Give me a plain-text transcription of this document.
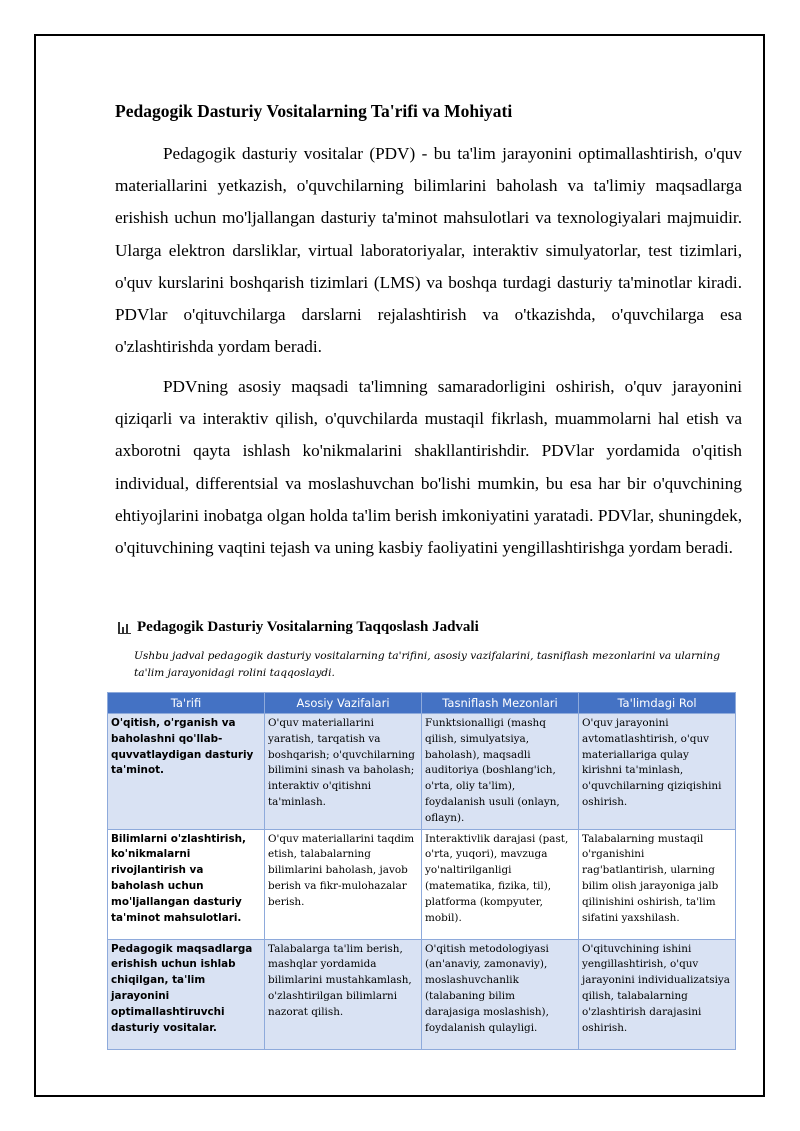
Pedagogik Dasturiy Vositalarning Ta'rifi va Mohiyati

Pedagogik dasturiy vositalar (PDV) - bu ta'lim jarayonini optimallashtirish, o'quv materiallarini yetkazish, o'quvchilarning bilimlarini baholash va ta'limiy maqsadlarga erishish uchun mo'ljallangan dasturiy ta'minot mahsulotlari va texnologiyalari majmuidir. Ularga elektron darsliklar, virtual laboratoriyalar, interaktiv simulyatorlar, test tizimlari, o'quv kurslarini boshqarish tizimlari (LMS) va boshqa turdagi dasturiy ta'minotlar kiradi. PDVlar o'qituvchilarga darslarni rejalashtirish va o'tkazishda, o'quvchilarga esa o'zlashtirishda yordam beradi.

PDVning asosiy maqsadi ta'limning samaradorligini oshirish, o'quv jarayonini qiziqarli va interaktiv qilish, o'quvchilarda mustaqil fikrlash, muammolarni hal etish va axborotni qayta ishlash ko'nikmalarini shakllantirishdir. PDVlar yordamida o'qitish individual, differentsial va moslashuvchan bo'lishi mumkin, bu esa har bir o'quvchining ehtiyojlarini inobatga olgan holda ta'lim berish imkoniyatini yaratadi. PDVlar, shuningdek, o'qituvchining vaqtini tejash va uning kasbiy faoliyatini yengillashtirishga yordam beradi.

Pedagogik Dasturiy Vositalarning Taqqoslash Jadvali
Ushbu jadval pedagogik dasturiy vositalarning ta'rifini, asosiy vazifalarini, tasniflash mezonlarini va ularning ta'lim jarayonidagi rolini taqqoslaydi.
Ta'rifi	Asosiy Vazifalari	Tasniflash Mezonlari	Ta'limdagi Rol
O'qitish, o'rganish va baholashni qo'llab-quvvatlaydigan dasturiy ta'minot.	O'quv materiallarini yaratish, tarqatish va boshqarish; o'quvchilarning bilimini sinash va baholash; interaktiv o'qitishni ta'minlash.	Funktsionalligi (mashq qilish, simulyatsiya, baholash), maqsadli auditoriya (boshlang'ich, o'rta, oliy ta'lim), foydalanish usuli (onlayn, oflayn).	O'quv jarayonini avtomatlashtirish, o'quv materiallariga qulay kirishni ta'minlash, o'quvchilarning qiziqishini oshirish.
Bilimlarni o'zlashtirish, ko'nikmalarni rivojlantirish va baholash uchun mo'ljallangan dasturiy ta'minot mahsulotlari.	O'quv materiallarini taqdim etish, talabalarning bilimlarini baholash, javob berish va fikr-mulohazalar berish.	Interaktivlik darajasi (past, o'rta, yuqori), mavzuga yo'naltirilganligi (matematika, fizika, til), platforma (kompyuter, mobil).	Talabalarning mustaqil o'rganishini rag'batlantirish, ularning bilim olish jarayoniga jalb qilinishini oshirish, ta'lim sifatini yaxshilash.
Pedagogik maqsadlarga erishish uchun ishlab chiqilgan, ta'lim jarayonini optimallashtiruvchi dasturiy vositalar.	Talabalarga ta'lim berish, mashqlar yordamida bilimlarini mustahkamlash, o'zlashtirilgan bilimlarni nazorat qilish.	O'qitish metodologiyasi (an'anaviy, zamonaviy), moslashuvchanlik (talabaning bilim darajasiga moslashish), foydalanish qulayligi.	O'qituvchining ishini yengillashtirish, o'quv jarayonini individualizatsiya qilish, talabalarning o'zlashtirish darajasini oshirish.
